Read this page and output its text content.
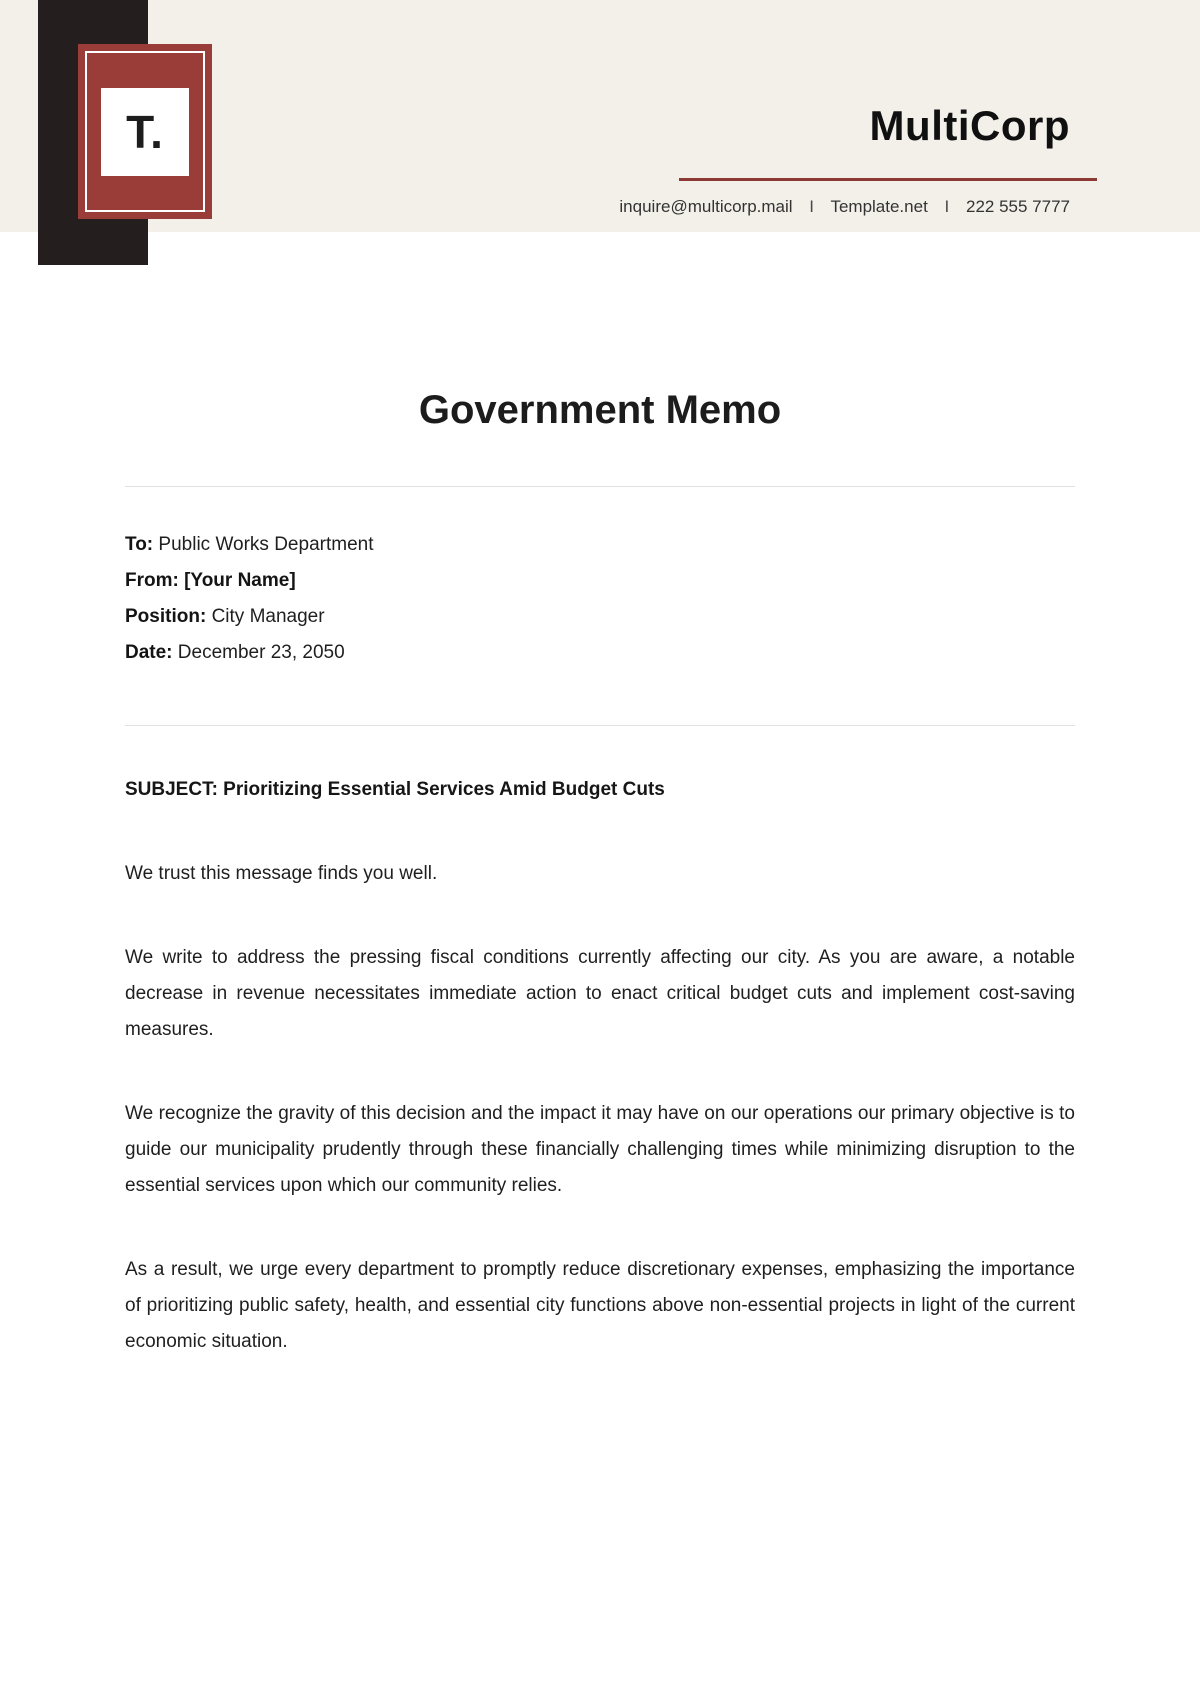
T.	MultiCorp
inquire@multicorp.mail I Template.net I 222 555 7777
Government Memo

To: Public Works Department

From: [Your Name]

Position: City Manager

Date: December 23, 2050

SUBJECT: Prioritizing Essential Services Amid Budget Cuts

We trust this message finds you well.

We write to address the pressing fiscal conditions currently affecting our city. As you are aware, a notable decrease in revenue necessitates immediate action to enact critical budget cuts and implement cost-saving measures.

We recognize the gravity of this decision and the impact it may have on our operations our primary objective is to guide our municipality prudently through these financially challenging times while minimizing disruption to the essential services upon which our community relies.

As a result, we urge every department to promptly reduce discretionary expenses, emphasizing the importance of prioritizing public safety, health, and essential city functions above non-essential projects in light of the current economic situation.
